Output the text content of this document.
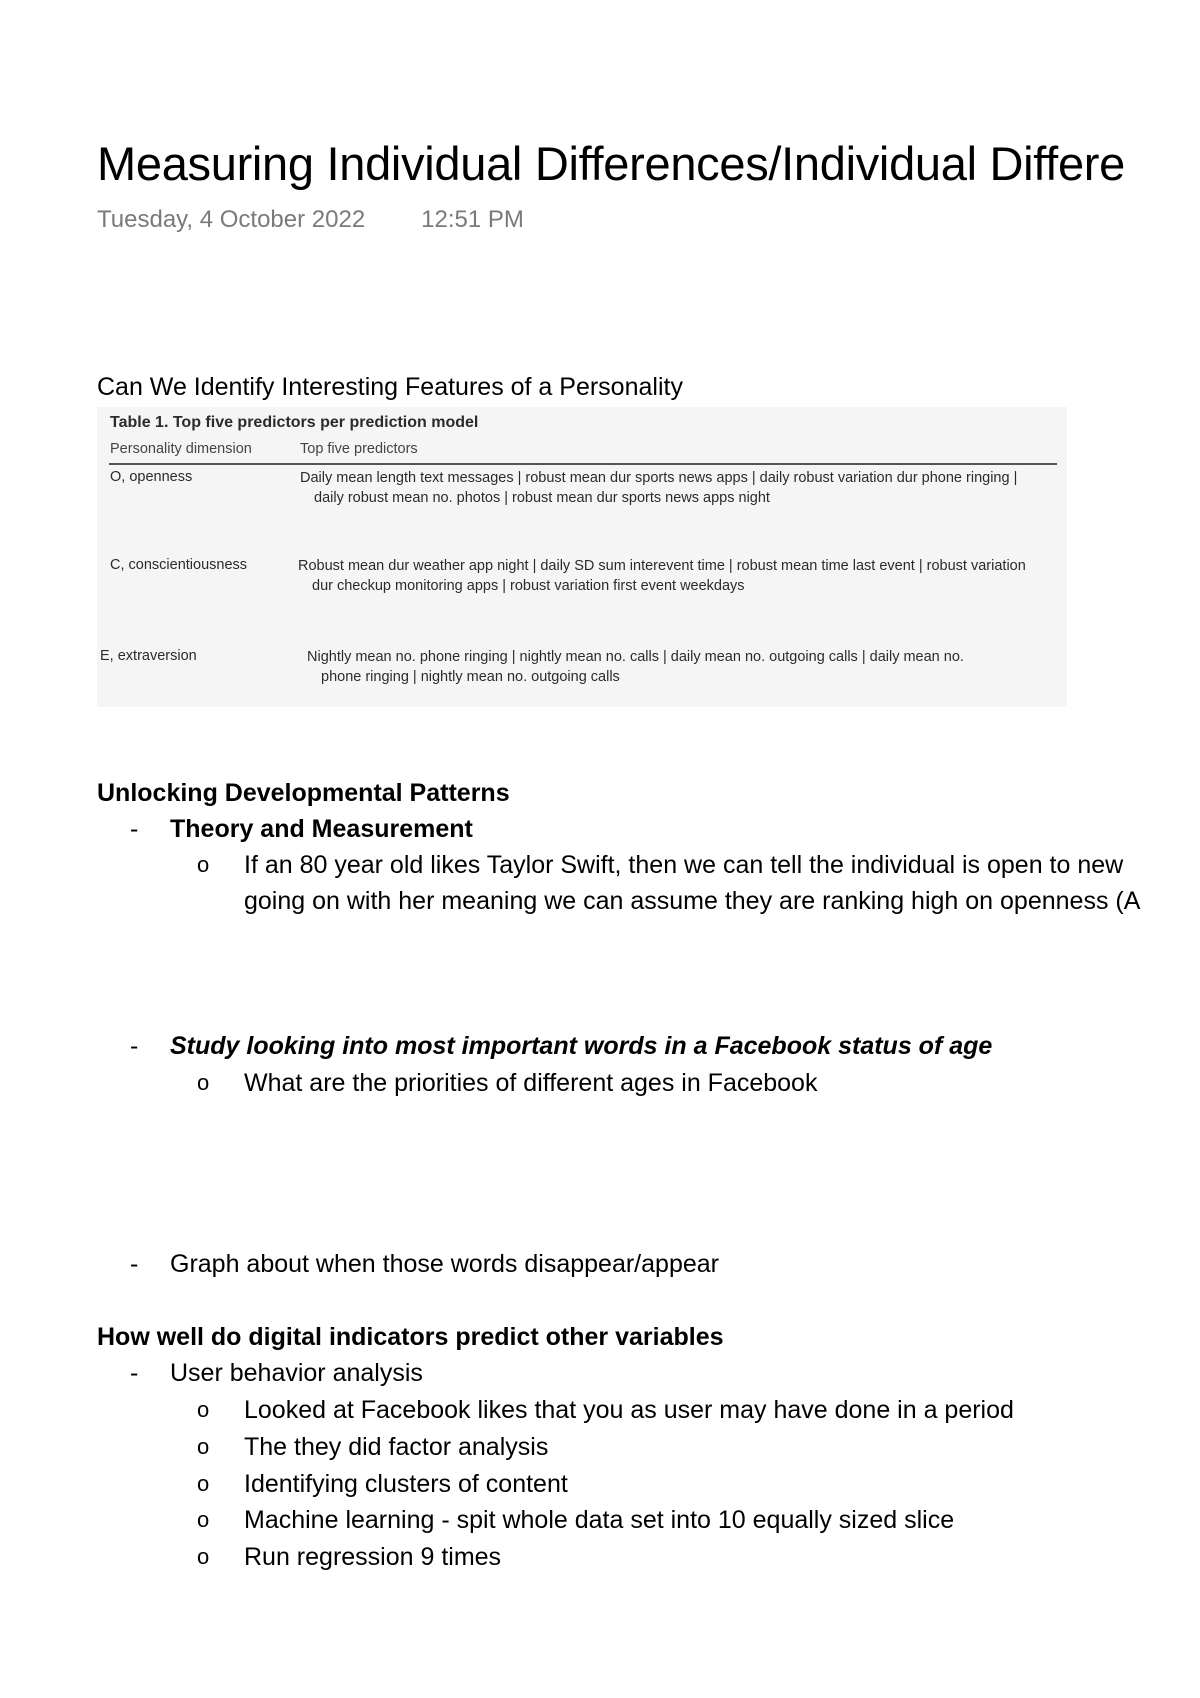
Measuring Individual Differences/Individual Differe
Tuesday, 4 October 2022 12:51 PM
Can We Identify Interesting Features of a Personality
Table 1. Top five predictors per prediction model
Personality dimension	Top five predictors
O, openness	Daily mean length text messages | robust mean dur sports news apps | daily robust variation dur phone ringing |
daily robust mean no. photos | robust mean dur sports news apps night
C, conscientiousness	Robust mean dur weather app night | daily SD sum interevent time | robust mean time last event | robust variation
dur checkup monitoring apps | robust variation first event weekdays
E, extraversion	Nightly mean no. phone ringing | nightly mean no. calls | daily mean no. outgoing calls | daily mean no.
phone ringing | nightly mean no. outgoing calls
Unlocking Developmental Patterns
- Theory and Measurement
o If an 80 year old likes Taylor Swift, then we can tell the individual is open to new
going on with her meaning we can assume they are ranking high on openness (A
- Study looking into most important words in a Facebook status of age
o What are the priorities of different ages in Facebook
- Graph about when those words disappear/appear
How well do digital indicators predict other variables
- User behavior analysis
o Looked at Facebook likes that you as user may have done in a period
o The they did factor analysis
o Identifying clusters of content
o Machine learning - spit whole data set into 10 equally sized slice
o Run regression 9 times
